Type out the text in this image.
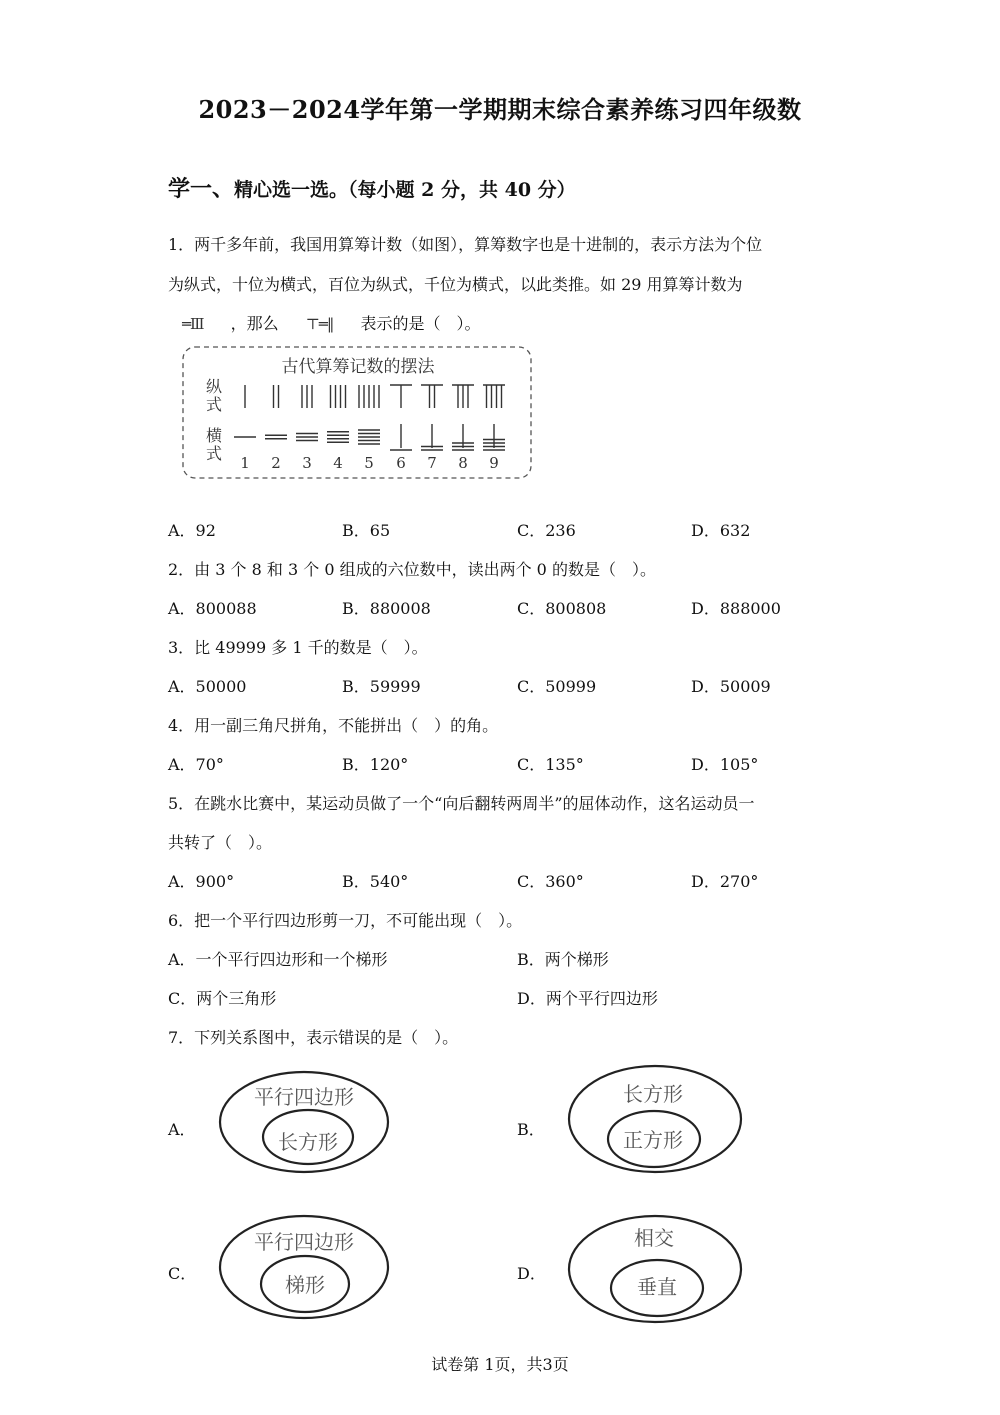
2023－2024学年第一学期期末综合素养练习四年级数
学一、精心选一选。（每小题 2 分，共 40 分）
1．两千多年前，我国用算筹计数（如图），算筹数字也是十进制的，表示方法为个位
为纵式，十位为横式，百位为纵式，千位为横式，以此类推。如 29 用算筹计数为
═Ⅲ ，那么 ⊤═‖ 表示的是（　）。
古代算筹记数的摆法
纵
式
横
式 1 2 3 4 5 6 7 8 9
A．92	B．65	C．236	D．632
2．由 3 个 8 和 3 个 0 组成的六位数中，读出两个 0 的数是（　）。
A．800088	B．880008	C．800808	D．888000
3．比 49999 多 1 千的数是（　）。
A．50000	B．59999	C．50999	D．50009
4．用一副三角尺拼角，不能拼出（　）的角。
A．70°	B．120°	C．135°	D．105°
5．在跳水比赛中，某运动员做了一个“向后翻转两周半”的屈体动作，这名运动员一
共转了（　）。
A．900°	B．540°	C．360°	D．270°
6．把一个平行四边形剪一刀，不可能出现（　）。
A．一个平行四边形和一个梯形	B．两个梯形
C．两个三角形	D．两个平行四边形
7．下列关系图中，表示错误的是（　）。
A．
平行四边形
长方形
B．
长方形
正方形
C．
平行四边形
梯形	D．
相交
垂直
试卷第 1页，共3页
